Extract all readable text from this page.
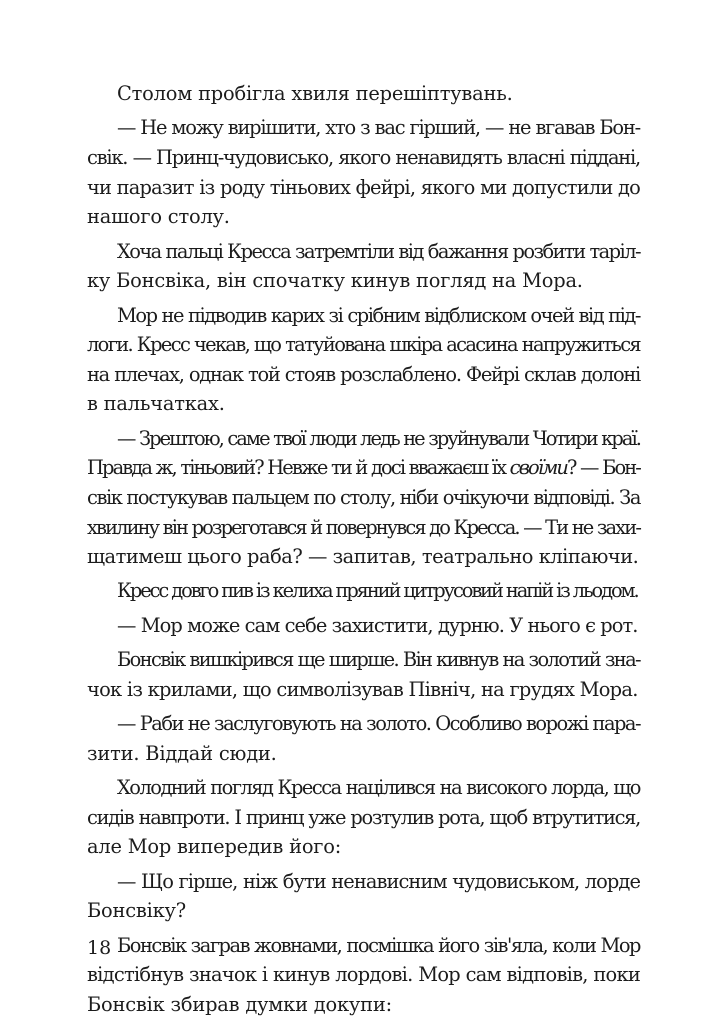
Столом пробігла хвиля перешіптувань.

— Не можу вирішити, хто з вас гірший, — не вгавав Бон-
свік. — Принц-чудовисько, якого ненавидять власні піддані,
чи паразит із роду тіньових фейрі, якого ми допустили до
нашого столу.

Хоча пальці Кресса затремтіли від бажання розбити таріл-
ку Бонсвіка, він спочатку кинув погляд на Мора.

Мор не підводив карих зі срібним відблиском очей від під-
логи. Кресс чекав, що татуйована шкіра асасина напружиться
на плечах, однак той стояв розслаблено. Фейрі склав долоні
в пальчатках.

— Зрештою, саме твої люди ледь не зруйнували Чотири краї.
Правда ж, тіньовий? Невже ти й досі вважаєш їх своїми? — Бон-
свік постукував пальцем по столу, ніби очікуючи відповіді. За
хвилину він розреготався й повернувся до Кресса. — Ти не захи-
щатимеш цього раба? — запитав, театрально кліпаючи.

Кресс довго пив із келиха пряний цитрусовий напій із льодом.

— Мор може сам себе захистити, дурню. У нього є рот.

Бонсвік вишкірився ще ширше. Він кивнув на золотий зна-
чок із крилами, що символізував Північ, на грудях Мора.

— Раби не заслуговують на золото. Особливо ворожі пара-
зити. Віддай сюди.

Холодний погляд Кресса націлився на високого лорда, що
сидів навпроти. І принц уже розтулив рота, щоб втрутитися,
але Мор випередив його:

— Що гірше, ніж бути ненависним чудовиськом, лорде
Бонсвіку?

Бонсвік заграв жовнами, посмішка його зів'яла, коли Мор
відстібнув значок і кинув лордові. Мор сам відповів, поки
Бонсвік збирав думки докупи:

18
